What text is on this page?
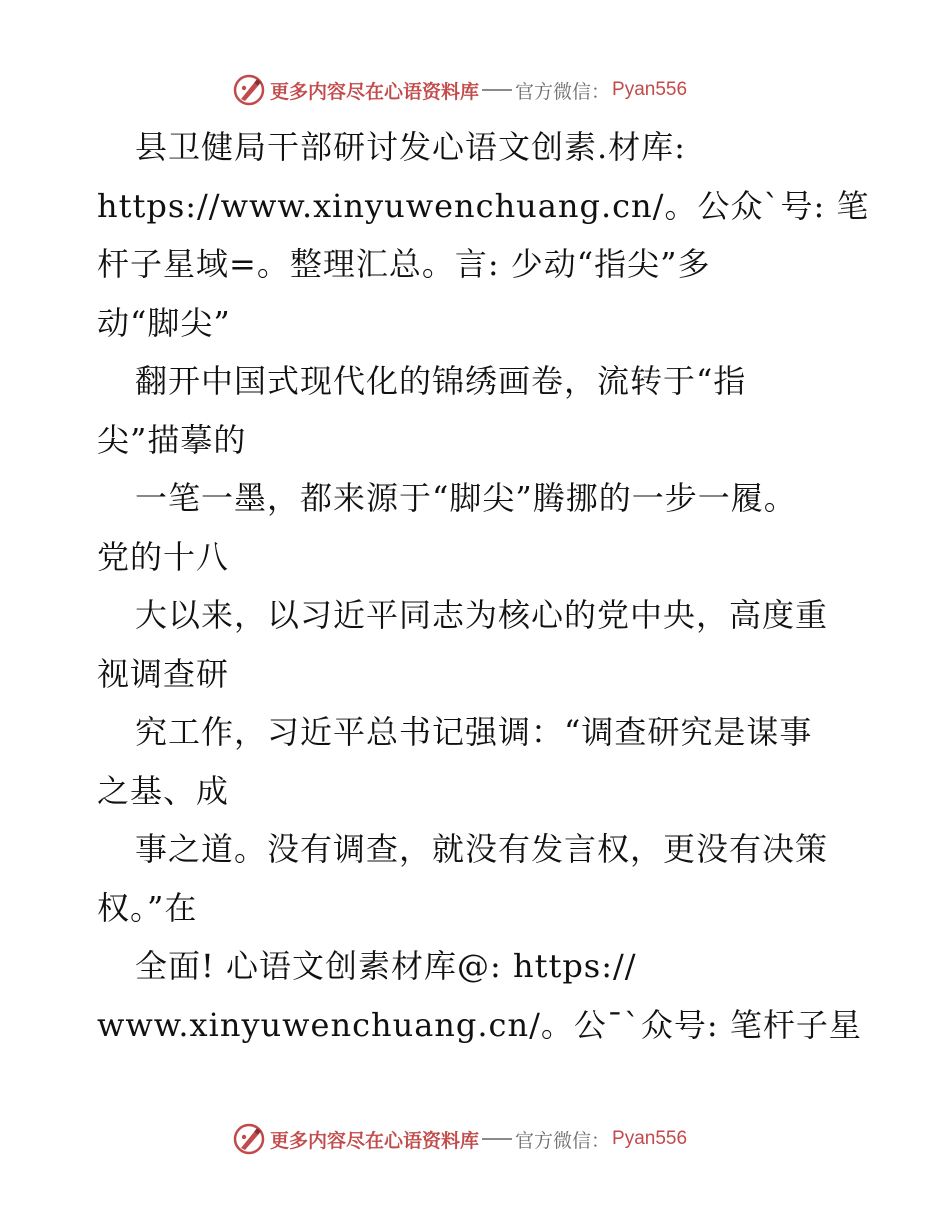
更多内容尽在心语资料库 官方微信： Pyan556
县卫健局干部研讨发心语文创素.材库:
https://www.xinyuwenchuang.cn/。公众`号: 笔
杆子星域=。整理汇总。言: 少动“指尖”多
动“脚尖”
翻开中国式现代化的锦绣画卷，流转于“指
尖”描摹的
一笔一墨，都来源于“脚尖”腾挪的一步一履。
党的十八
大以来，以习近平同志为核心的党中央，高度重
视调查研
究工作，习近平总书记强调：“调查研究是谋事
之基、成
事之道。没有调查，就没有发言权，更没有决策
权。”在
全面! 心语文创素材库@: https://
www.xinyuwenchuang.cn/。公¯`众号: 笔杆子星
更多内容尽在心语资料库 官方微信： Pyan556
